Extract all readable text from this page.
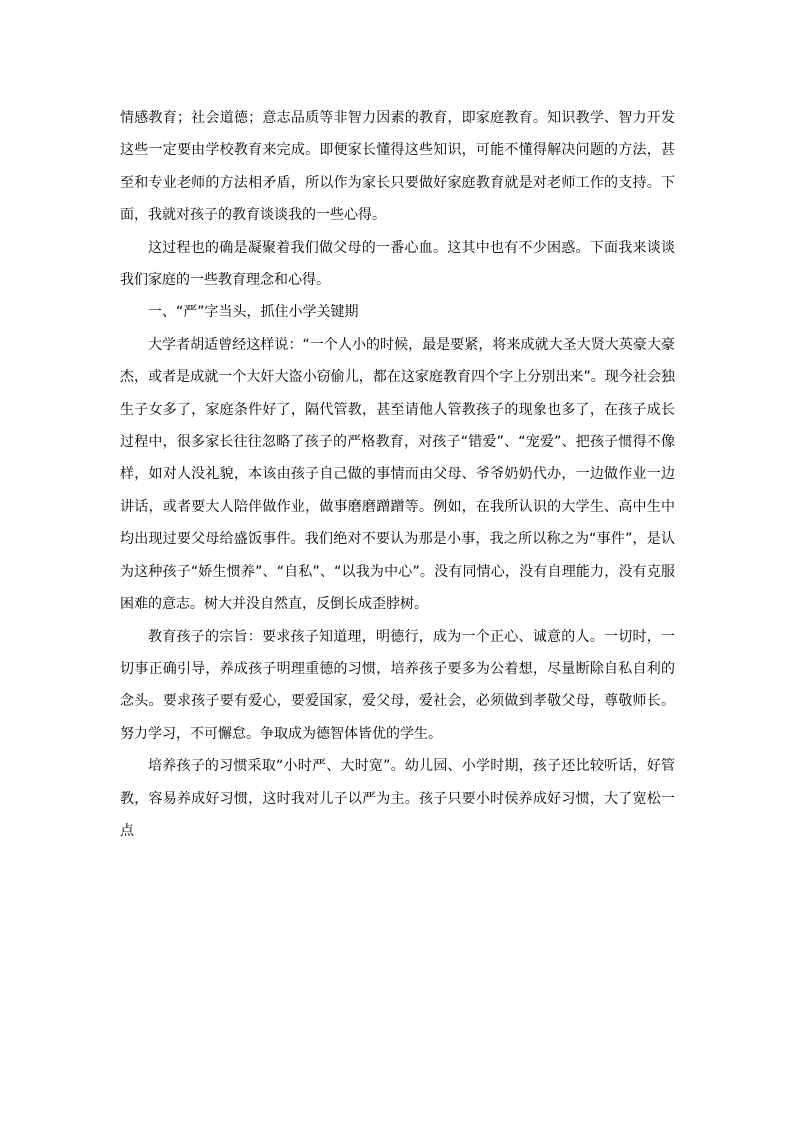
情感教育；社会道德；意志品质等非智力因素的教育，即家庭教育。知识教学、智力开发这些一定要由学校教育来完成。即便家长懂得这些知识，可能不懂得解决问题的方法，甚至和专业老师的方法相矛盾，所以作为家长只要做好家庭教育就是对老师工作的支持。下面，我就对孩子的教育谈谈我的一些心得。

这过程也的确是凝聚着我们做父母的一番心血。这其中也有不少困惑。下面我来谈谈我们家庭的一些教育理念和心得。

一、“严”字当头，抓住小学关键期

大学者胡适曾经这样说：“一个人小的时候，最是要紧，将来成就大圣大贤大英豪大豪杰，或者是成就一个大奸大盗小窃偷儿，都在这家庭教育四个字上分别出来”。现今社会独生子女多了，家庭条件好了，隔代管教，甚至请他人管教孩子的现象也多了，在孩子成长过程中，很多家长往往忽略了孩子的严格教育，对孩子“错爱”、“宠爱”、把孩子惯得不像样，如对人没礼貌，本该由孩子自己做的事情而由父母、爷爷奶奶代办，一边做作业一边讲话，或者要大人陪伴做作业，做事磨磨蹭蹭等。例如，在我所认识的大学生、高中生中均出现过要父母给盛饭事件。我们绝对不要认为那是小事，我之所以称之为“事件”，是认为这种孩子“娇生惯养”、“自私”、“以我为中心”。没有同情心，没有自理能力，没有克服困难的意志。树大并没自然直，反倒长成歪脖树。

教育孩子的宗旨：要求孩子知道理，明德行，成为一个正心、诚意的人。一切时，一切事正确引导，养成孩子明理重德的习惯，培养孩子要多为公着想，尽量断除自私自利的念头。要求孩子要有爱心，要爱国家，爱父母，爱社会，必须做到孝敬父母，尊敬师长。努力学习，不可懈怠。争取成为德智体皆优的学生。

培养孩子的习惯采取“小时严、大时宽”。幼儿园、小学时期，孩子还比较听话，好管教，容易养成好习惯，这时我对儿子以严为主。孩子只要小时侯养成好习惯，大了宽松一点
